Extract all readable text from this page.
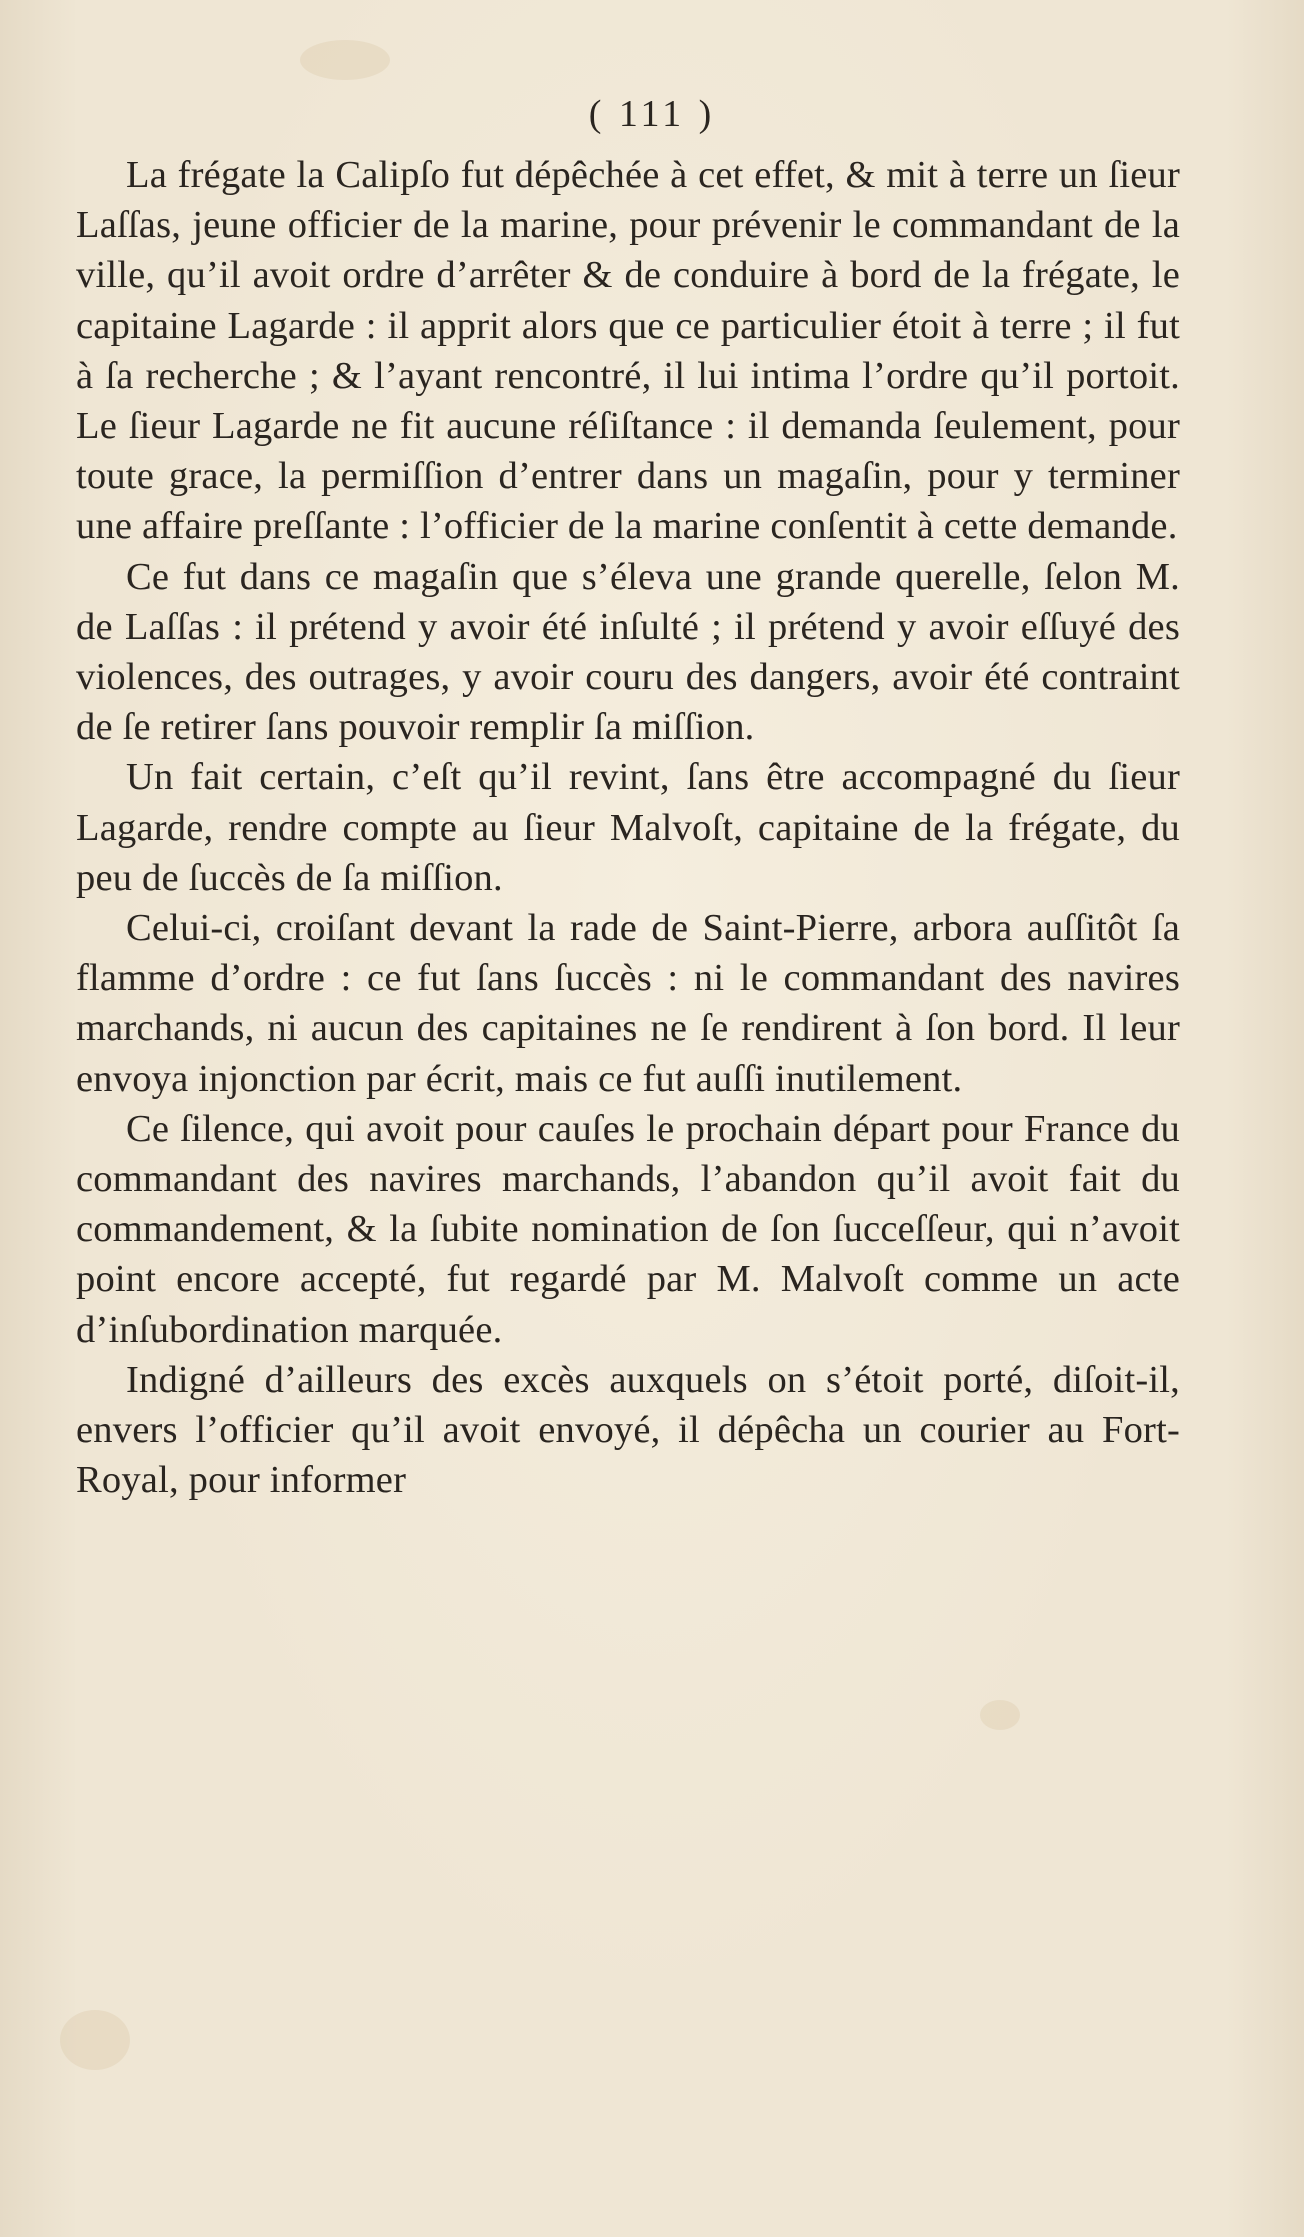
( 111 )

La frégate la Calipſo fut dépêchée à cet effet, & mit à terre un ſieur Laſſas, jeune officier de la marine, pour prévenir le commandant de la ville, qu’il avoit ordre d’arrêter & de conduire à bord de la frégate, le capitaine Lagarde : il apprit alors que ce particulier étoit à terre ; il fut à ſa recherche ; & l’ayant rencontré, il lui intima l’ordre qu’il portoit. Le ſieur Lagarde ne fit aucune réſiſtance : il demanda ſeulement, pour toute grace, la permiſſion d’entrer dans un magaſin, pour y terminer une affaire preſſante : l’officier de la marine conſentit à cette demande.

Ce fut dans ce magaſin que s’éleva une grande querelle, ſelon M. de Laſſas : il prétend y avoir été inſulté ; il prétend y avoir eſſuyé des violences, des outrages, y avoir couru des dangers, avoir été contraint de ſe retirer ſans pouvoir remplir ſa miſſion.

Un fait certain, c’eſt qu’il revint, ſans être accompagné du ſieur Lagarde, rendre compte au ſieur Malvoſt, capitaine de la frégate, du peu de ſuccès de ſa miſſion.

Celui-ci, croiſant devant la rade de Saint-Pierre, arbora auſſitôt ſa flamme d’ordre : ce fut ſans ſuccès : ni le commandant des navires marchands, ni aucun des capitaines ne ſe rendirent à ſon bord. Il leur envoya injonction par écrit, mais ce fut auſſi inutilement.

Ce ſilence, qui avoit pour cauſes le prochain départ pour France du commandant des navires marchands, l’abandon qu’il avoit fait du commandement, & la ſubite nomination de ſon ſucceſſeur, qui n’avoit point encore accepté, fut regardé par M. Malvoſt comme un acte d’inſubordination marquée.

Indigné d’ailleurs des excès auxquels on s’étoit porté, diſoit-il, envers l’officier qu’il avoit envoyé, il dépêcha un courier au Fort-Royal, pour informer
